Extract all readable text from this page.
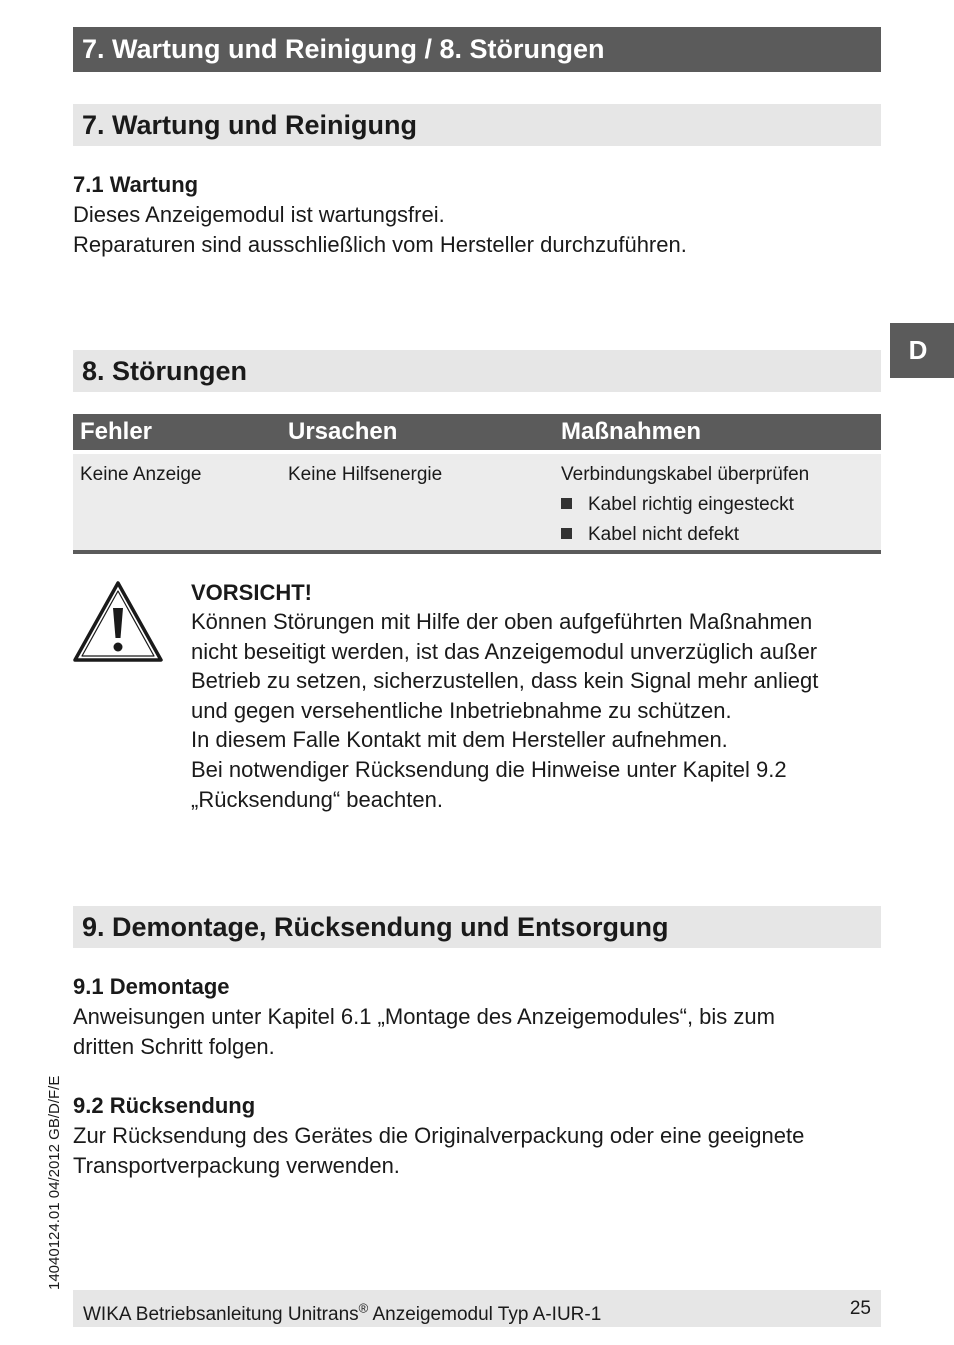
7. Wartung und Reinigung / 8. Störungen
7. Wartung und Reinigung
7.1 Wartung
Dieses Anzeigemodul ist wartungsfrei.
Reparaturen sind ausschließlich vom Hersteller durchzuführen.
D
8. Störungen
Fehler	Ursachen	Maßnahmen
Keine Anzeige	Keine Hilfsenergie	Verbindungskabel überprüfen
Kabel richtig eingesteckt
Kabel nicht defekt
VORSICHT!
Können Störungen mit Hilfe der oben aufgeführten Maßnahmen
nicht beseitigt werden, ist das Anzeigemodul unverzüglich außer
Betrieb zu setzen, sicherzustellen, dass kein Signal mehr anliegt
und gegen versehentliche Inbetriebnahme zu schützen.
In diesem Falle Kontakt mit dem Hersteller aufnehmen.
Bei notwendiger Rücksendung die Hinweise unter Kapitel 9.2
„Rücksendung“ beachten.
9. Demontage, Rücksendung und Entsorgung
9.1 Demontage
Anweisungen unter Kapitel 6.1 „Montage des Anzeigemodules“, bis zum
dritten Schritt folgen.
9.2 Rücksendung
Zur Rücksendung des Gerätes die Originalverpackung oder eine geeignete
Transportverpackung verwenden.
14040124.01 04/2012 GB/D/F/E
WIKA Betriebsanleitung Unitrans® Anzeigemodul Typ A-IUR-1	25
